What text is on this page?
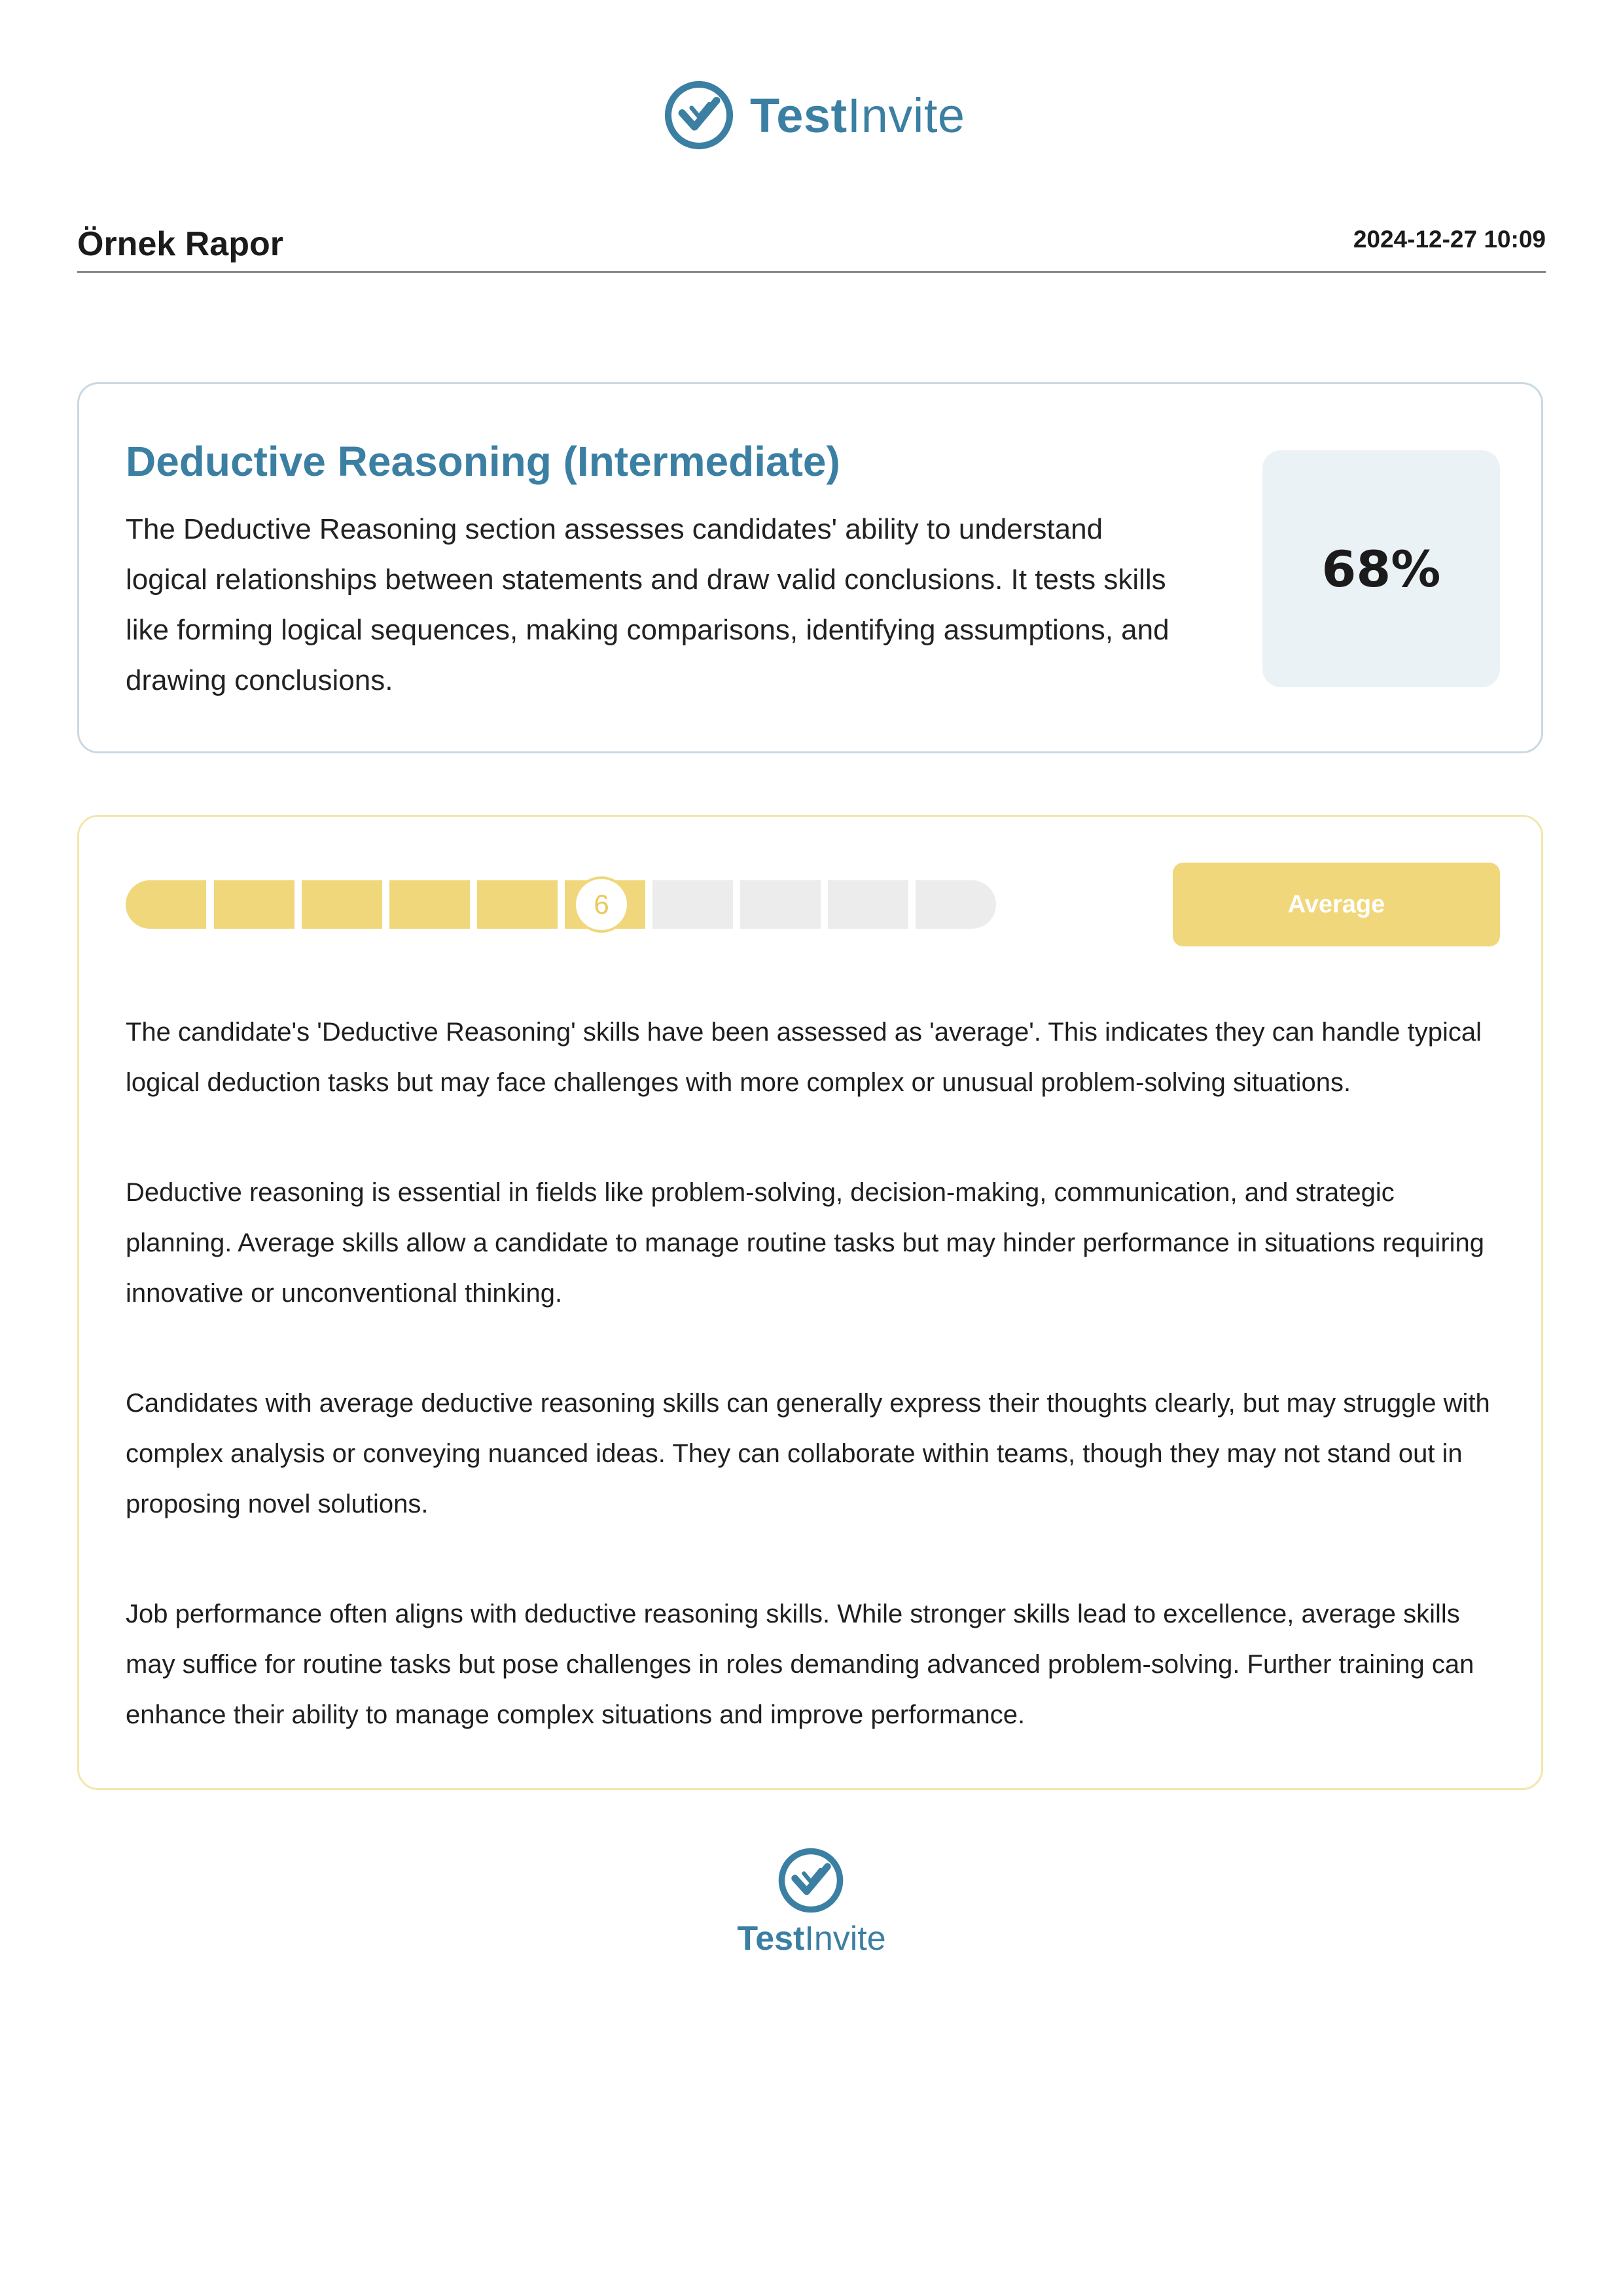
TestInvite
Örnek Rapor	2024-12-27 10:09
Deductive Reasoning (Intermediate)
The Deductive Reasoning section assesses candidates' ability to understand logical relationships between statements and draw valid conclusions. It tests skills like forming logical sequences, making comparisons, identifying assumptions, and drawing conclusions.
68%
6	Average
The candidate's 'Deductive Reasoning' skills have been assessed as 'average'. This indicates they can handle typical logical deduction tasks but may face challenges with more complex or unusual problem-solving situations.
Deductive reasoning is essential in fields like problem-solving, decision-making, communication, and strategic planning. Average skills allow a candidate to manage routine tasks but may hinder performance in situations requiring innovative or unconventional thinking.
Candidates with average deductive reasoning skills can generally express their thoughts clearly, but may struggle with complex analysis or conveying nuanced ideas. They can collaborate within teams, though they may not stand out in proposing novel solutions.
Job performance often aligns with deductive reasoning skills. While stronger skills lead to excellence, average skills may suffice for routine tasks but pose challenges in roles demanding advanced problem-solving. Further training can enhance their ability to manage complex situations and improve performance.
TestInvite
